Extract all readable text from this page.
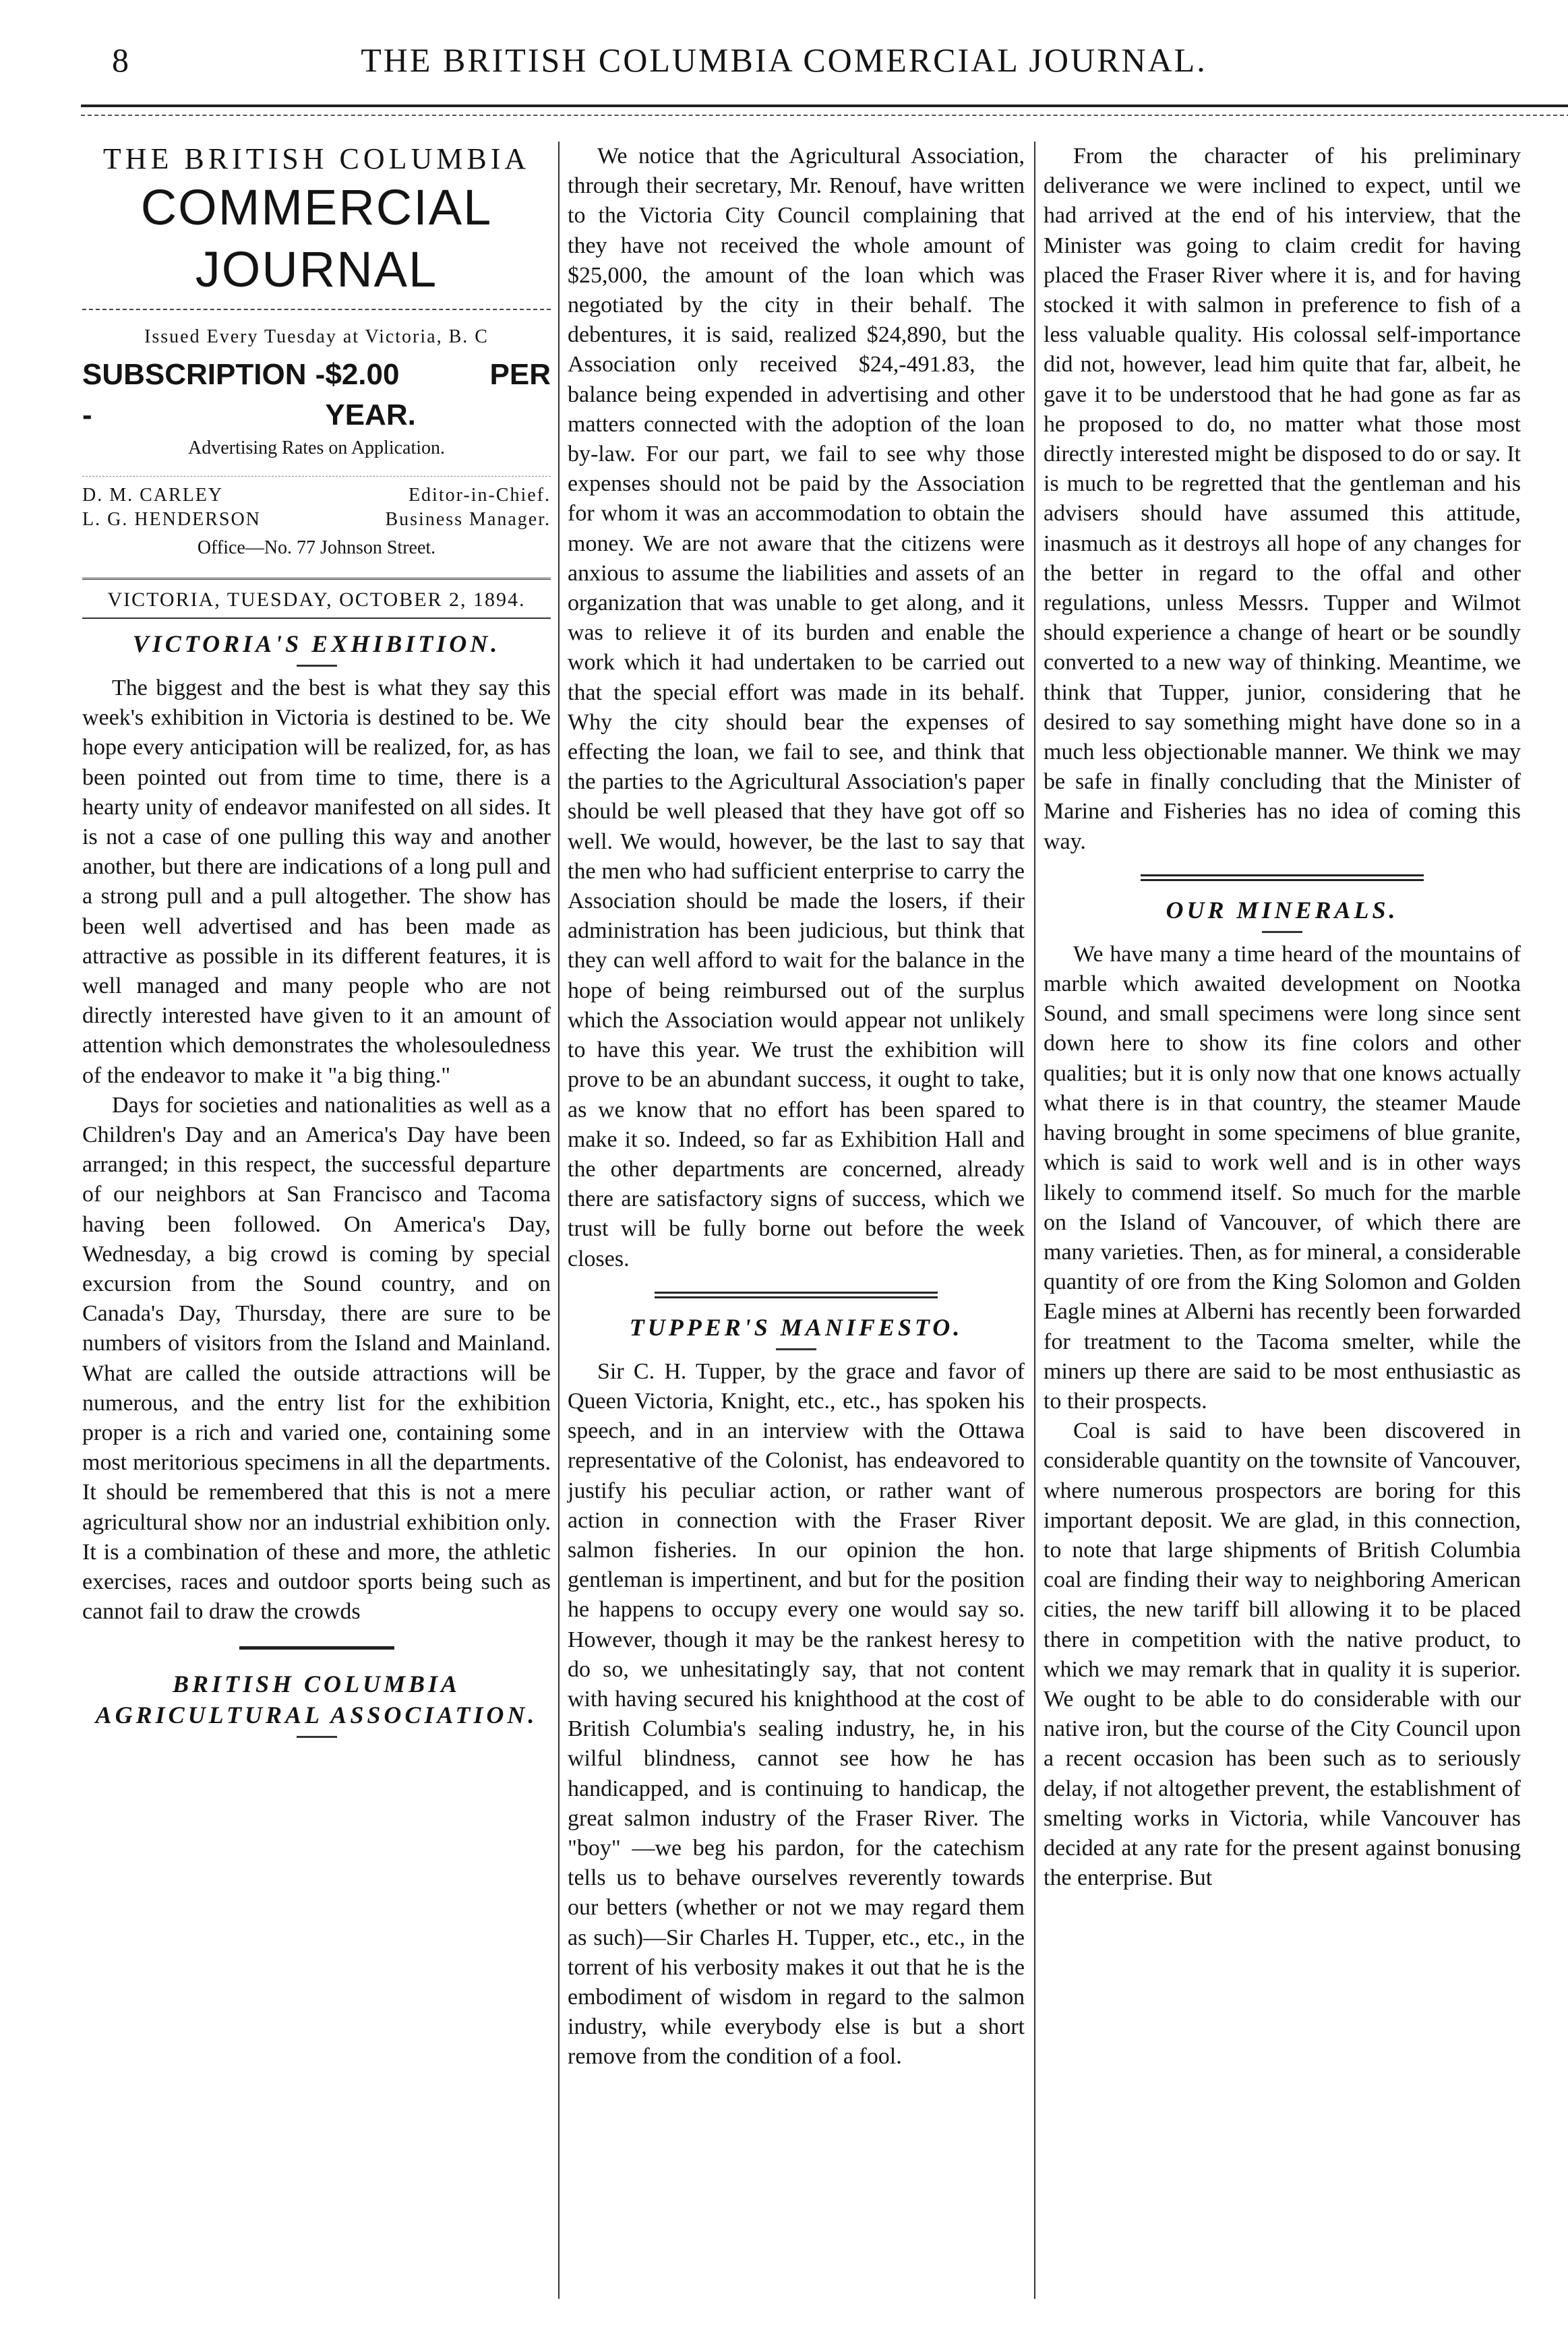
8	THE BRITISH COLUMBIA COMERCIAL JOURNAL.

THE BRITISH COLUMBIA

COMMERCIAL JOURNAL

Issued Every Tuesday at Victoria, B. C

SUBSCRIPTION - -
$2.00 PER YEAR.

Advertising Rates on Application.

D. M. CARLEY	Editor-in-Chief.
L. G. HENDERSON	Business Manager.

Office—No. 77 Johnson Street.

VICTORIA, TUESDAY, OCTOBER 2, 1894.

VICTORIA'S EXHIBITION.

The biggest and the best is what they say this week's exhibition in Victoria is destined to be. We hope every anticipation will be realized, for, as has been pointed out from time to time, there is a hearty unity of endeavor manifested on all sides. It is not a case of one pulling this way and another another, but there are indications of a long pull and a strong pull and a pull altogether. The show has been well advertised and has been made as attractive as possible in its different features, it is well managed and many people who are not directly interested have given to it an amount of attention which demonstrates the wholesouledness of the endeavor to make it "a big thing."

Days for societies and nationalities as well as a Children's Day and an America's Day have been arranged; in this respect, the successful departure of our neighbors at San Francisco and Tacoma having been followed. On America's Day, Wednesday, a big crowd is coming by special excursion from the Sound country, and on Canada's Day, Thursday, there are sure to be numbers of visitors from the Island and Mainland. What are called the outside attractions will be numerous, and the entry list for the exhibition proper is a rich and varied one, containing some most meritorious specimens in all the departments. It should be remembered that this is not a mere agricultural show nor an industrial exhibition only. It is a combination of these and more, the athletic exercises, races and outdoor sports being such as cannot fail to draw the crowds

BRITISH COLUMBIA AGRICULTURAL ASSOCIATION.

We notice that the Agricultural Association, through their secretary, Mr. Renouf, have written to the Victoria City Council complaining that they have not received the whole amount of $25,000, the amount of the loan which was negotiated by the city in their behalf. The debentures, it is said, realized $24,890, but the Association only received $24,-491.83, the balance being expended in advertising and other matters connected with the adoption of the loan by-law. For our part, we fail to see why those expenses should not be paid by the Association for whom it was an accommodation to obtain the money. We are not aware that the citizens were anxious to assume the liabilities and assets of an organization that was unable to get along, and it was to relieve it of its burden and enable the work which it had undertaken to be carried out that the special effort was made in its behalf. Why the city should bear the expenses of effecting the loan, we fail to see, and think that the parties to the Agricultural Association's paper should be well pleased that they have got off so well. We would, however, be the last to say that the men who had sufficient enterprise to carry the Association should be made the losers, if their administration has been judicious, but think that they can well afford to wait for the balance in the hope of being reimbursed out of the surplus which the Association would appear not unlikely to have this year. We trust the exhibition will prove to be an abundant success, it ought to take, as we know that no effort has been spared to make it so. Indeed, so far as Exhibition Hall and the other departments are concerned, already there are satisfactory signs of success, which we trust will be fully borne out before the week closes.

TUPPER'S MANIFESTO.

Sir C. H. Tupper, by the grace and favor of Queen Victoria, Knight, etc., etc., has spoken his speech, and in an interview with the Ottawa representative of the Colonist, has endeavored to justify his peculiar action, or rather want of action in connection with the Fraser River salmon fisheries. In our opinion the hon. gentleman is impertinent, and but for the position he happens to occupy every one would say so. However, though it may be the rankest heresy to do so, we unhesitatingly say, that not content with having secured his knighthood at the cost of British Columbia's sealing industry, he, in his wilful blindness, cannot see how he has handicapped, and is continuing to handicap, the great salmon industry of the Fraser River. The "boy" —we beg his pardon, for the catechism tells us to behave ourselves reverently towards our betters (whether or not we may regard them as such)—Sir Charles H. Tupper, etc., etc., in the torrent of his verbosity makes it out that he is the embodiment of wisdom in regard to the salmon industry, while everybody else is but a short remove from the condition of a fool.

From the character of his preliminary deliverance we were inclined to expect, until we had arrived at the end of his interview, that the Minister was going to claim credit for having placed the Fraser River where it is, and for having stocked it with salmon in preference to fish of a less valuable quality. His colossal self-importance did not, however, lead him quite that far, albeit, he gave it to be understood that he had gone as far as he proposed to do, no matter what those most directly interested might be disposed to do or say. It is much to be regretted that the gentleman and his advisers should have assumed this attitude, inasmuch as it destroys all hope of any changes for the better in regard to the offal and other regulations, unless Messrs. Tupper and Wilmot should experience a change of heart or be soundly converted to a new way of thinking. Meantime, we think that Tupper, junior, considering that he desired to say something might have done so in a much less objectionable manner. We think we may be safe in finally concluding that the Minister of Marine and Fisheries has no idea of coming this way.

OUR MINERALS.

We have many a time heard of the mountains of marble which awaited development on Nootka Sound, and small specimens were long since sent down here to show its fine colors and other qualities; but it is only now that one knows actually what there is in that country, the steamer Maude having brought in some specimens of blue granite, which is said to work well and is in other ways likely to commend itself. So much for the marble on the Island of Vancouver, of which there are many varieties. Then, as for mineral, a considerable quantity of ore from the King Solomon and Golden Eagle mines at Alberni has recently been forwarded for treatment to the Tacoma smelter, while the miners up there are said to be most enthusiastic as to their prospects.

Coal is said to have been discovered in considerable quantity on the townsite of Vancouver, where numerous prospectors are boring for this important deposit. We are glad, in this connection, to note that large shipments of British Columbia coal are finding their way to neighboring American cities, the new tariff bill allowing it to be placed there in competition with the native product, to which we may remark that in quality it is superior. We ought to be able to do considerable with our native iron, but the course of the City Council upon a recent occasion has been such as to seriously delay, if not altogether prevent, the establishment of smelting works in Victoria, while Vancouver has decided at any rate for the present against bonusing the enterprise. But
